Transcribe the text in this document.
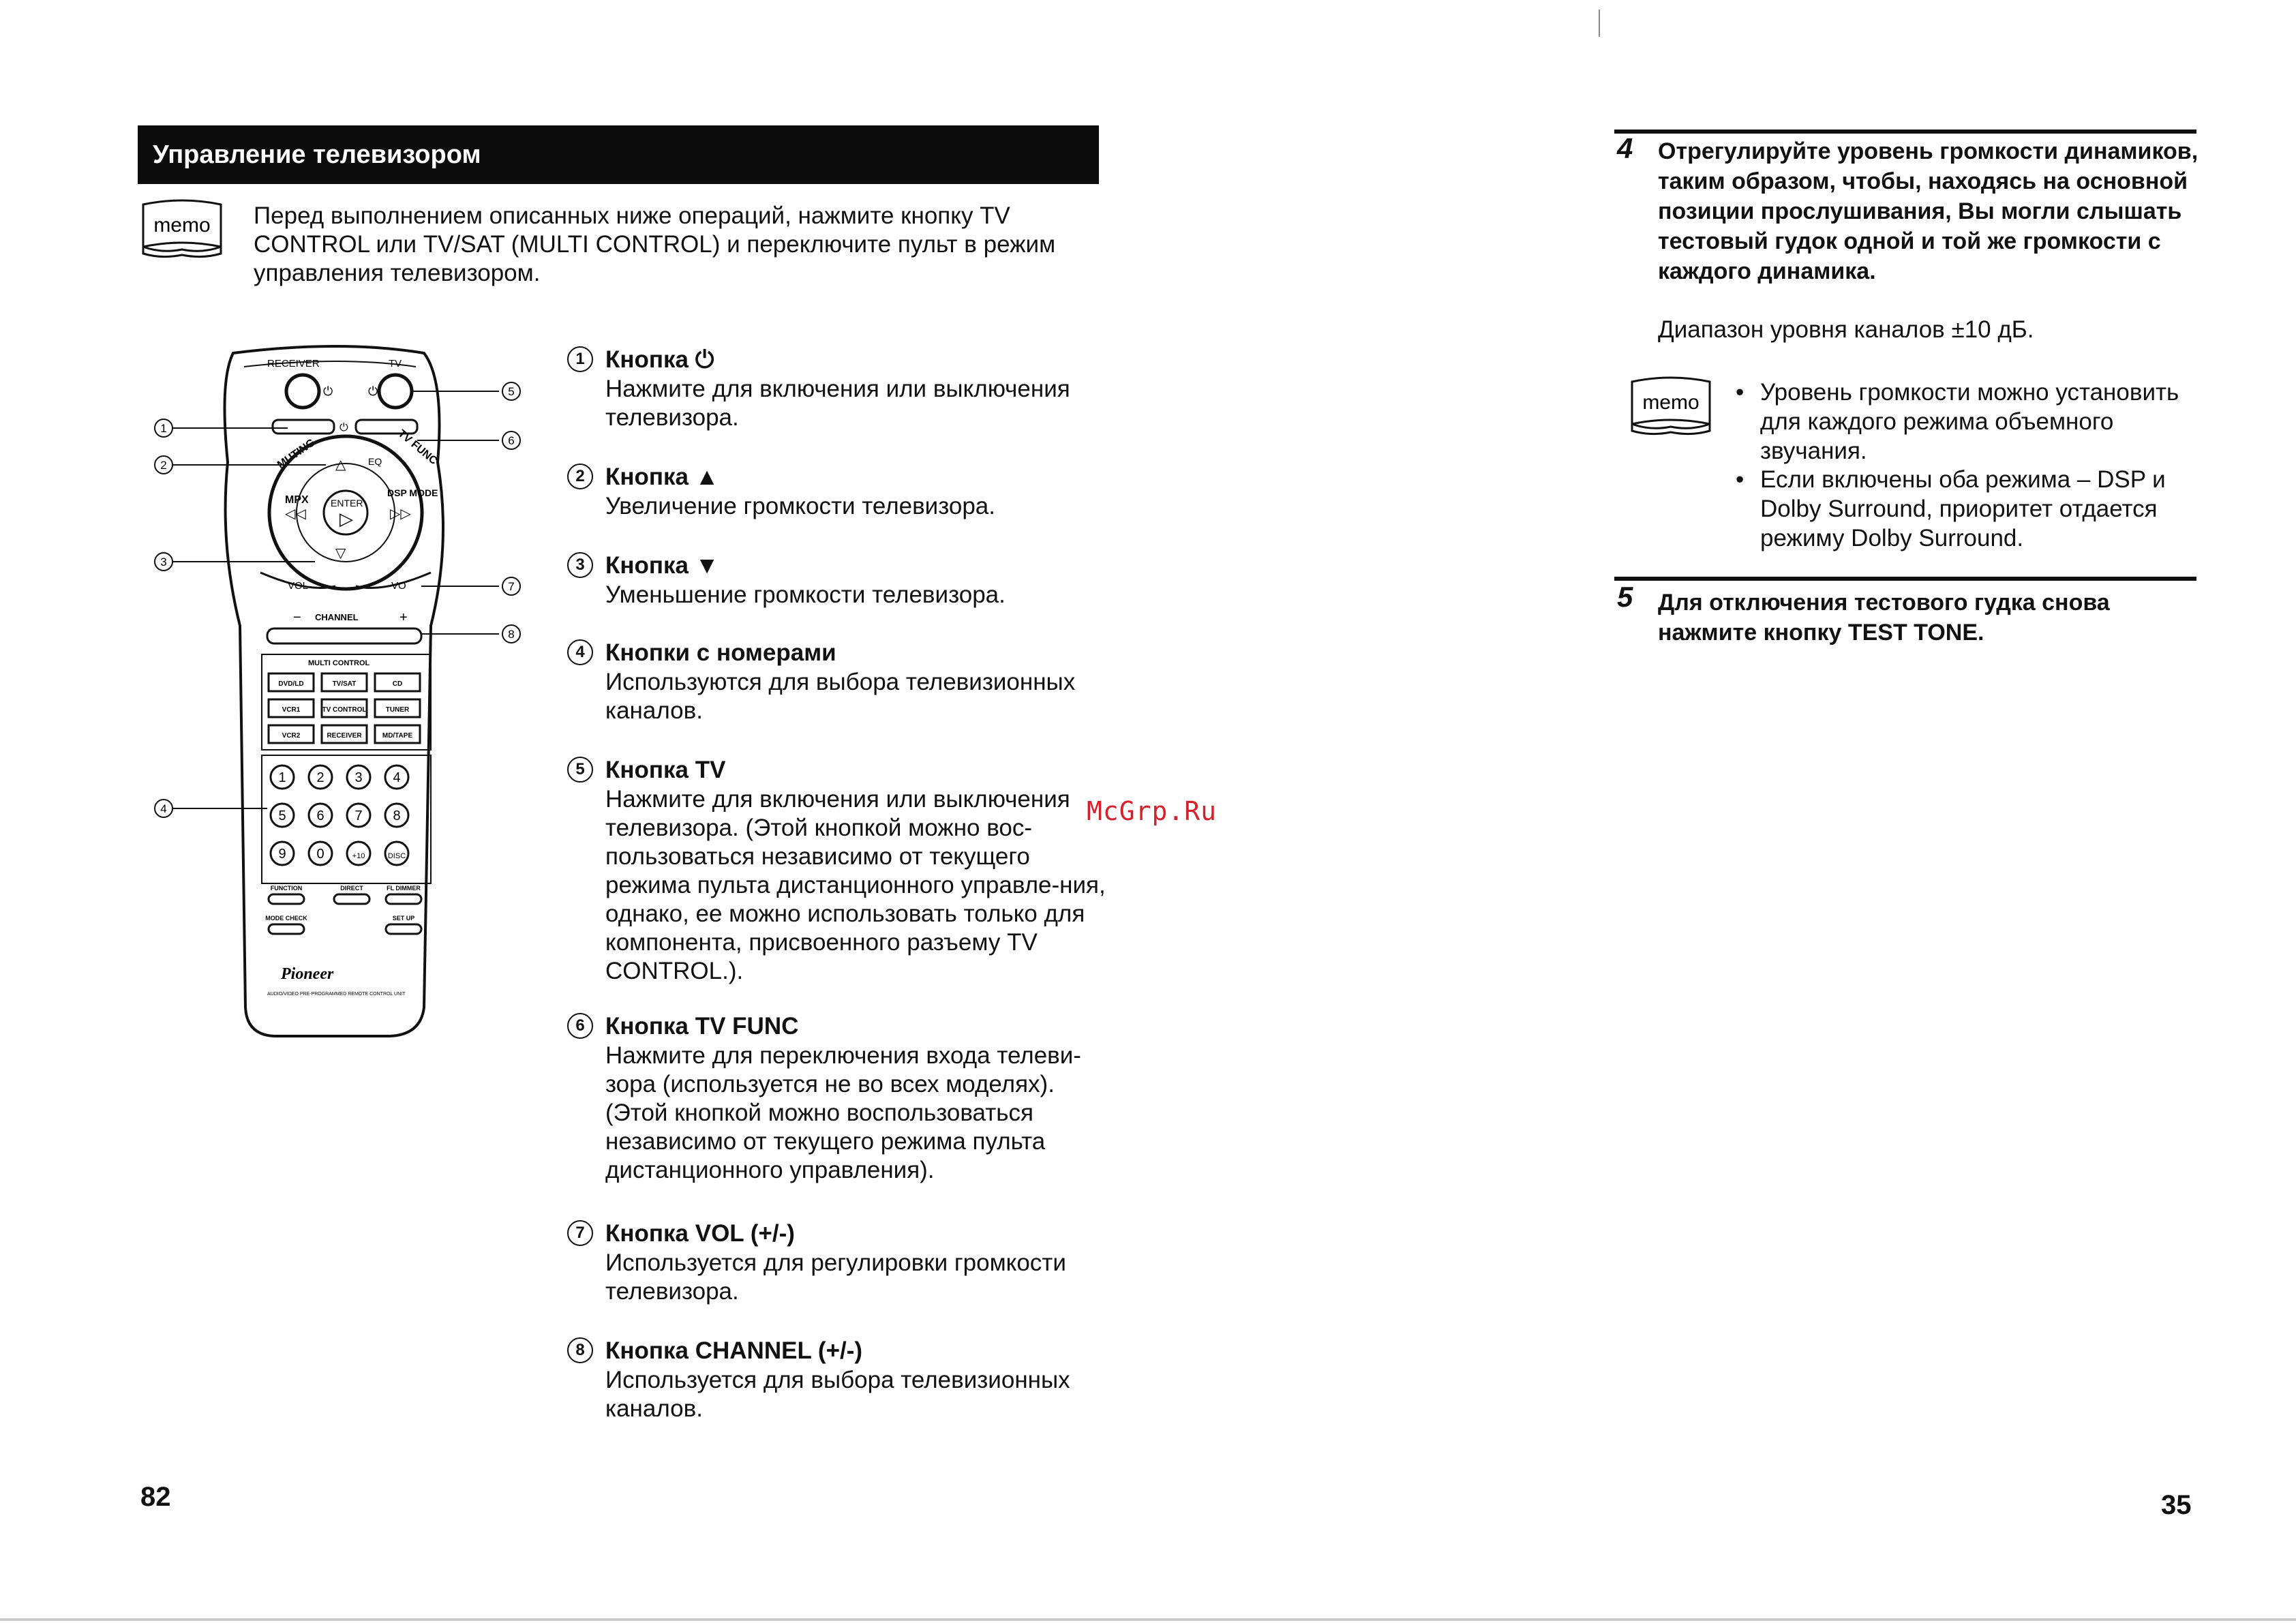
Управление телевизором
memo Перед выполнением описанных ниже операций, нажмите кнопку TV CONTROL или TV/SAT (MULTI CONTROL) и переключите пульт в режим управления телевизором.
RECEIVER	TV
⏻	⏻
⏻
MUTING	TV FUNC
ENTER
▷
△
▽
MPX
◁◁
DSP MODE
▷▷
EQ
VOL	VO
CHANNEL
−	+
MULTI CONTROL
DVD/LD	TV/SAT	CD
VCR1	TV CONTROL	TUNER
VCR2	RECEIVER	MD/TAPE
1 2 3 4
5 6 7 8
9 0	+10	DISC
FUNCTION	DIRECT	FL DIMMER
MODE CHECK	SET UP
Pioneer
AUDIO/VIDEO PRE-PROGRAMMED REMOTE CONTROL UNIT
1
2
3
4
5
6
7
8
1 Кнопка ⏻
Нажмите для включения или выключения телевизора.
2 Кнопка ▲
Увеличение громкости телевизора.
3 Кнопка ▼
Уменьшение громкости телевизора.
4 Кнопки с номерами
Используются для выбора телевизионных каналов.
5 Кнопка TV
Нажмите для включения или выключения телевизора. (Этой кнопкой можно вос-пользоваться независимо от текущего режима пульта дистанционного управле-ния, однако, ее можно использовать только для компонента, присвоенного разъему TV CONTROL.).
6 Кнопка TV FUNC
Нажмите для переключения входа телеви-зора (используется не во всех моделях). (Этой кнопкой можно воспользоваться независимо от текущего режима пульта дистанционного управления).
7 Кнопка VOL (+/-)
Используется для регулировки громкости телевизора.
8 Кнопка CHANNEL (+/-)
Используется для выбора телевизионных каналов.
82
McGrp.Ru
4 Отрегулируйте уровень громкости динамиков, таким образом, чтобы, находясь на основной позиции прослушивания, Вы могли слышать тестовый гудок одной и той же громкости с каждого динамика.
Диапазон уровня каналов ±10 дБ.
memo • Уровень громкости можно установить для каждого режима объемного звучания.
• Если включены оба режима – DSP и Dolby Surround, приоритет отдается режиму Dolby Surround.
5 Для отключения тестового гудка снова нажмите кнопку TEST TONE.
35
